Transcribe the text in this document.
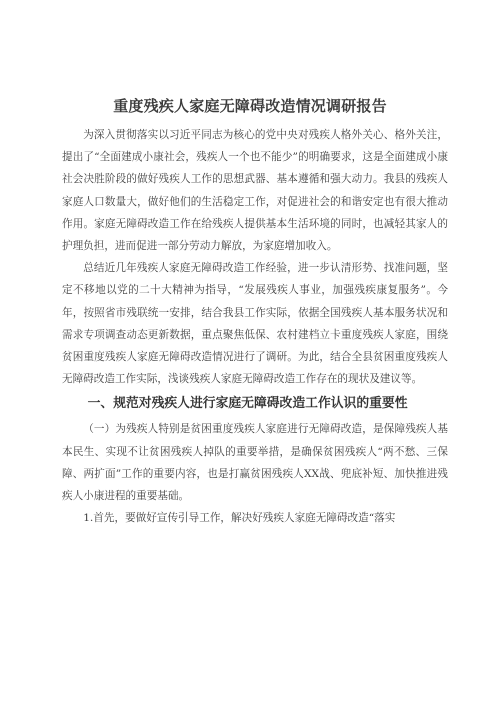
重度残疾人家庭无障碍改造情况调研报告

为深入贯彻落实以习近平同志为核心的党中央对残疾人格外关心、格外关注，提出了“全面建成小康社会，残疾人一个也不能少”的明确要求，这是全面建成小康社会决胜阶段的做好残疾人工作的思想武器、基本遵循和强大动力。我县的残疾人家庭人口数量大，做好他们的生活稳定工作，对促进社会的和谐安定也有很大推动作用。家庭无障碍改造工作在给残疾人提供基本生活环境的同时，也减轻其家人的护理负担，进而促进一部分劳动力解放，为家庭增加收入。

总结近几年残疾人家庭无障碍改造工作经验，进一步认清形势、找准问题，坚定不移地以党的二十大精神为指导，“发展残疾人事业，加强残疾康复服务”。今年，按照省市残联统一安排，结合我县工作实际，依据全国残疾人基本服务状况和需求专项调查动态更新数据，重点聚焦低保、农村建档立卡重度残疾人家庭，围绕贫困重度残疾人家庭无障碍改造情况进行了调研。为此，结合全县贫困重度残疾人无障碍改造工作实际，浅谈残疾人家庭无障碍改造工作存在的现状及建议等。

一、规范对残疾人进行家庭无障碍改造工作认识的重要性

（一）为残疾人特别是贫困重度残疾人家庭进行无障碍改造，是保障残疾人基本民生、实现不让贫困残疾人掉队的重要举措，是确保贫困残疾人“两不愁、三保障、两扩面”工作的重要内容，也是打赢贫困残疾人XX战、兜底补短、加快推进残疾人小康进程的重要基础。

1.首先，要做好宣传引导工作，解决好残疾人家庭无障碍改造“落实
